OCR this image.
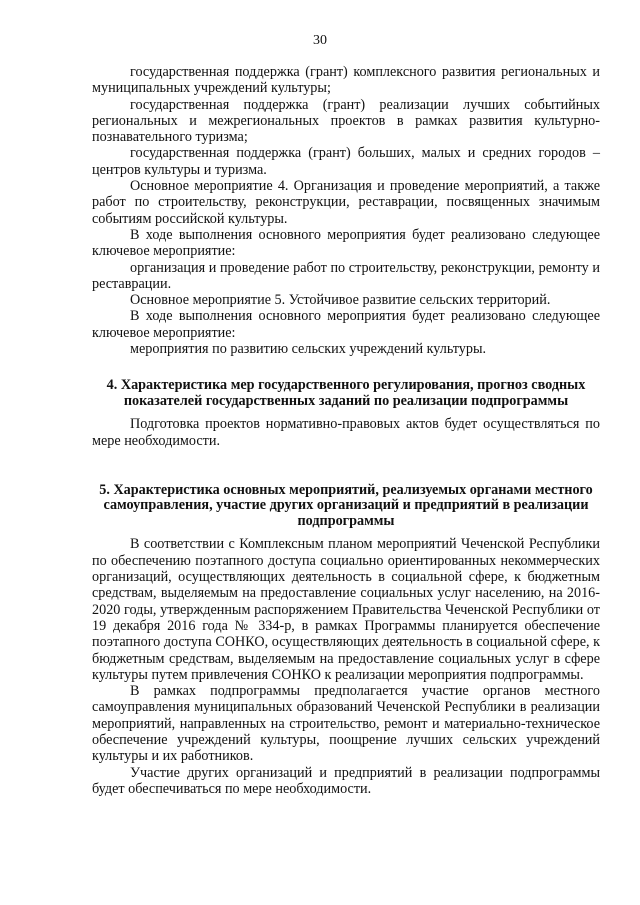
30

государственная поддержка (грант) комплексного развития региональных и муниципальных учреждений культуры;

государственная поддержка (грант) реализации лучших событийных региональных и межрегиональных проектов в рамках развития культурно-познавательного туризма;

государственная поддержка (грант) больших, малых и средних городов – центров культуры и туризма.

Основное мероприятие 4. Организация и проведение мероприятий, а также работ по строительству, реконструкции, реставрации, посвященных значимым событиям российской культуры.

В ходе выполнения основного мероприятия будет реализовано следующее ключевое мероприятие:

организация и проведение работ по строительству, реконструкции, ремонту и реставрации.

Основное мероприятие 5. Устойчивое развитие сельских территорий.

В ходе выполнения основного мероприятия будет реализовано следующее ключевое мероприятие:

мероприятия по развитию сельских учреждений культуры.

4. Характеристика мер государственного регулирования, прогноз сводных показателей государственных заданий по реализации подпрограммы

Подготовка проектов нормативно-правовых актов будет осуществляться по мере необходимости.

5. Характеристика основных мероприятий, реализуемых органами местного самоуправления, участие других организаций и предприятий в реализации подпрограммы

В соответствии с Комплексным планом мероприятий Чеченской Республики по обеспечению поэтапного доступа социально ориентированных некоммерческих организаций, осуществляющих деятельность в социальной сфере, к бюджетным средствам, выделяемым на предоставление социальных услуг населению, на 2016-2020 годы, утвержденным распоряжением Правительства Чеченской Республики от 19 декабря 2016 года № 334-р, в рамках Программы планируется обеспечение поэтапного доступа СОНКО, осуществляющих деятельность в социальной сфере, к бюджетным средствам, выделяемым на предоставление социальных услуг в сфере культуры путем привлечения СОНКО к реализации мероприятия подпрограммы.

В рамках подпрограммы предполагается участие органов местного самоуправления муниципальных образований Чеченской Республики в реализации мероприятий, направленных на строительство, ремонт и материально-техническое обеспечение учреждений культуры, поощрение лучших сельских учреждений культуры и их работников.

Участие других организаций и предприятий в реализации подпрограммы будет обеспечиваться по мере необходимости.
